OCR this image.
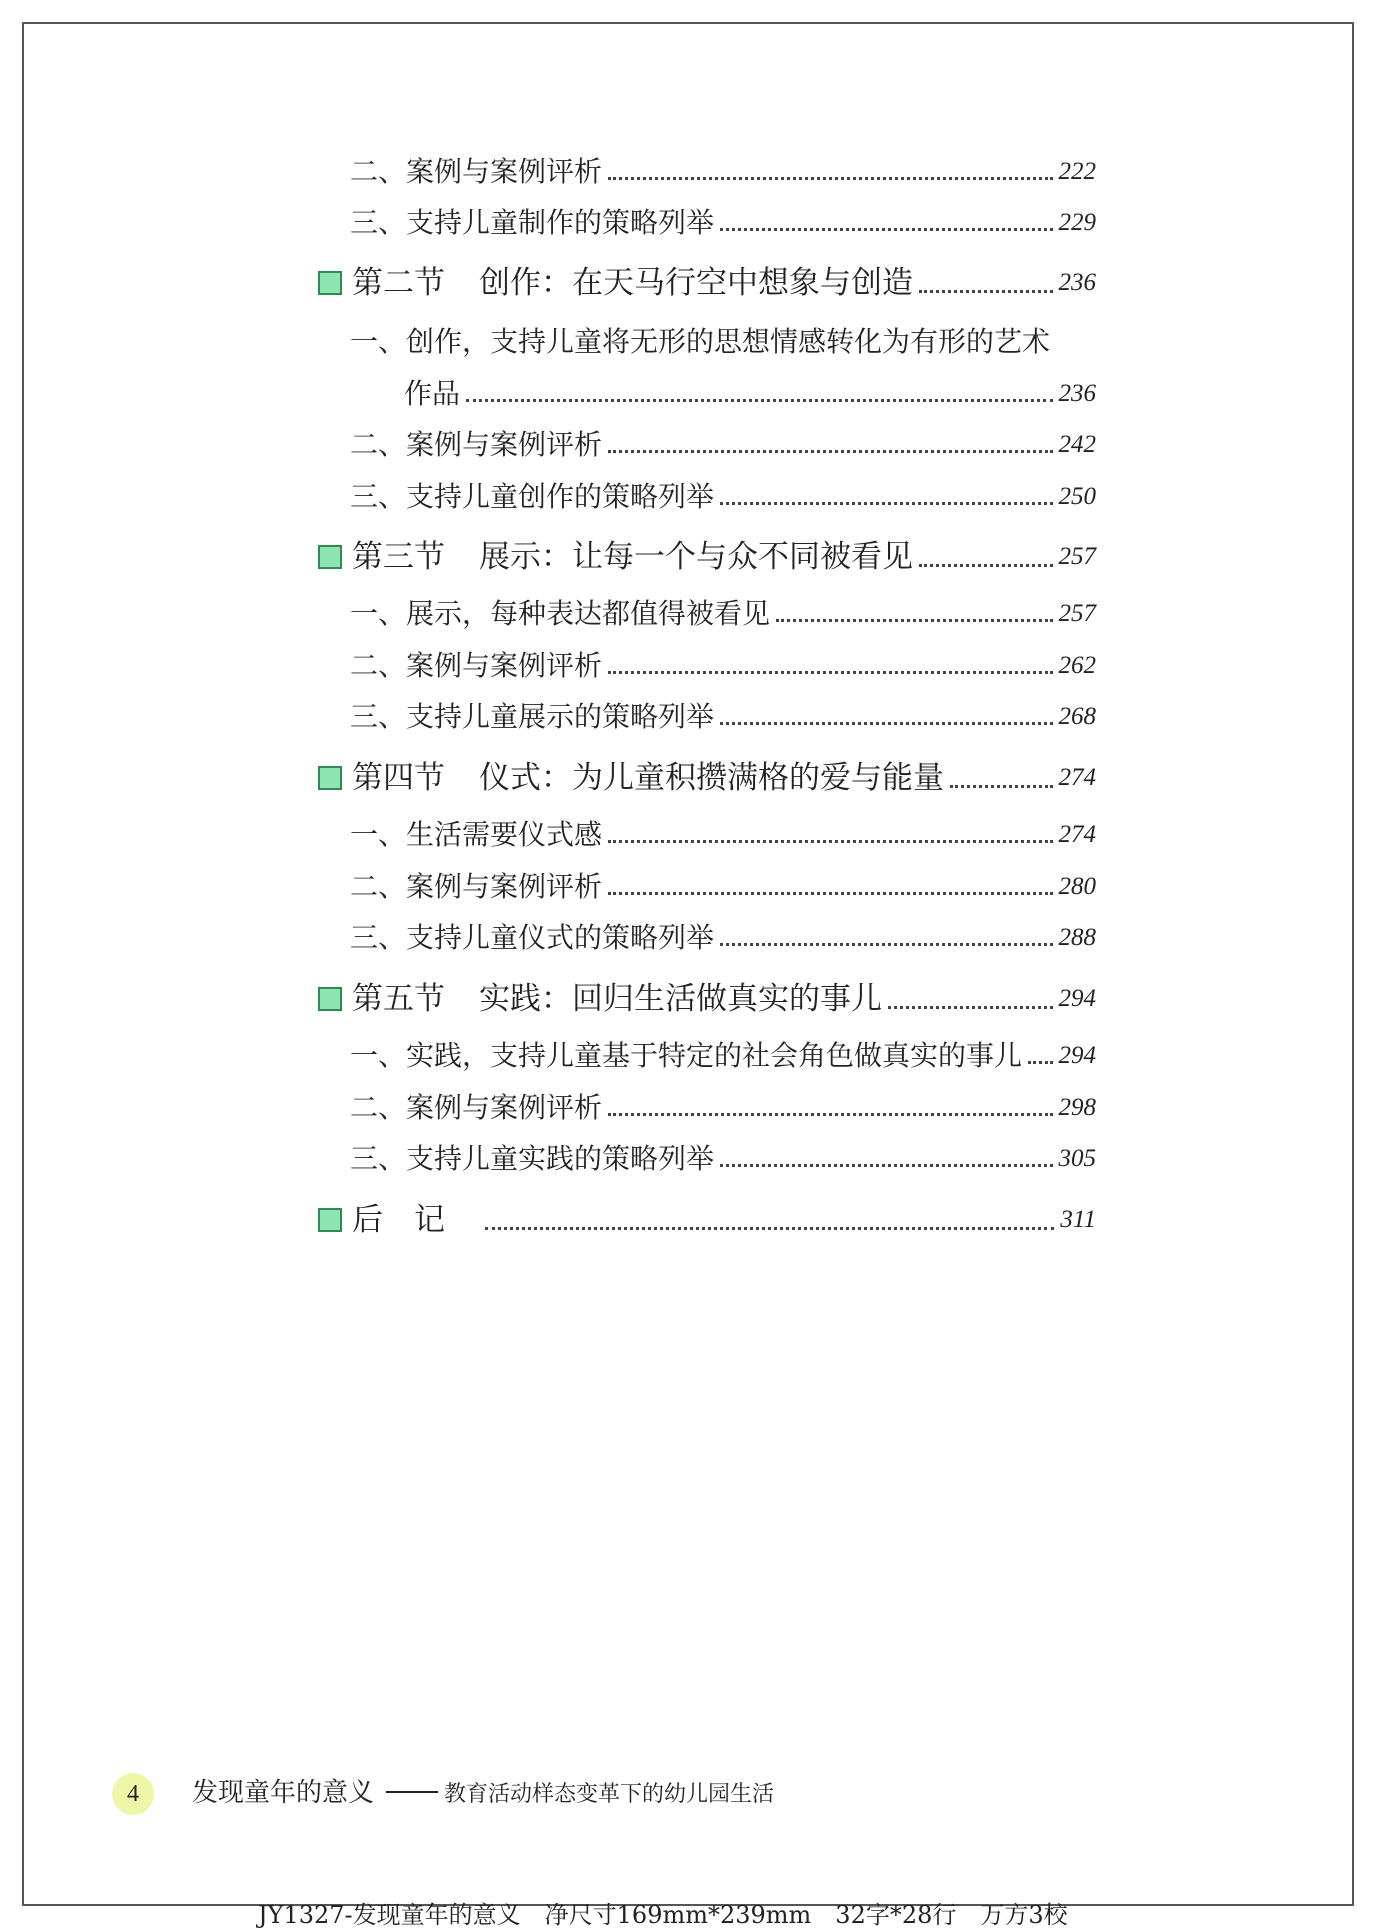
二、案例与案例评析	222
三、支持儿童制作的策略列举	229
第二节 创作：在天马行空中想象与创造	236
一、创作，支持儿童将无形的思想情感转化为有形的艺术
作品	236
二、案例与案例评析	242
三、支持儿童创作的策略列举	250
第三节 展示：让每一个与众不同被看见	257
一、展示，每种表达都值得被看见	257
二、案例与案例评析	262
三、支持儿童展示的策略列举	268
第四节 仪式：为儿童积攒满格的爱与能量	274
一、生活需要仪式感	274
二、案例与案例评析	280
三、支持儿童仪式的策略列举	288
第五节 实践：回归生活做真实的事儿	294
一、实践，支持儿童基于特定的社会角色做真实的事儿 294
二、案例与案例评析	298
三、支持儿童实践的策略列举	305
后　记	311
4 发现童年的意义	教育活动样态变革下的幼儿园生活
JY1327-发现童年的意义　净尺寸169mm*239mm　32字*28行　万方3校
